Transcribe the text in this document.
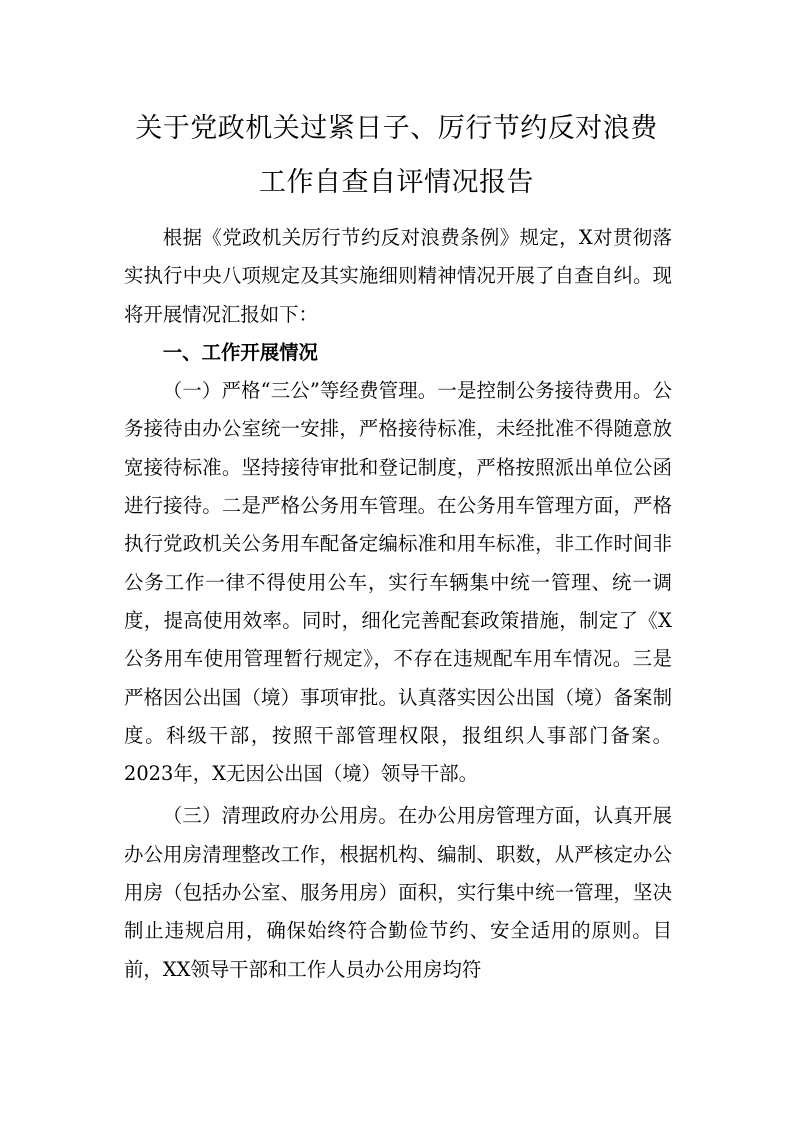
关于党政机关过紧日子、厉行节约反对浪费
工作自查自评情况报告

根据《党政机关厉行节约反对浪费条例》规定，X对贯彻落实执行中央八项规定及其实施细则精神情况开展了自查自纠。现将开展情况汇报如下：

一、工作开展情况

（一）严格“三公”等经费管理。一是控制公务接待费用。公务接待由办公室统一安排，严格接待标准，未经批准不得随意放宽接待标准。坚持接待审批和登记制度，严格按照派出单位公函进行接待。二是严格公务用车管理。在公务用车管理方面，严格执行党政机关公务用车配备定编标准和用车标准，非工作时间非公务工作一律不得使用公车，实行车辆集中统一管理、统一调度，提高使用效率。同时，细化完善配套政策措施，制定了《X公务用车使用管理暂行规定》，不存在违规配车用车情况。三是严格因公出国（境）事项审批。认真落实因公出国（境）备案制度。科级干部，按照干部管理权限，报组织人事部门备案。2023年，X无因公出国（境）领导干部。

（三）清理政府办公用房。在办公用房管理方面，认真开展办公用房清理整改工作，根据机构、编制、职数，从严核定办公用房（包括办公室、服务用房）面积，实行集中统一管理，坚决制止违规启用，确保始终符合勤俭节约、安全适用的原则。目前，XX领导干部和工作人员办公用房均符
